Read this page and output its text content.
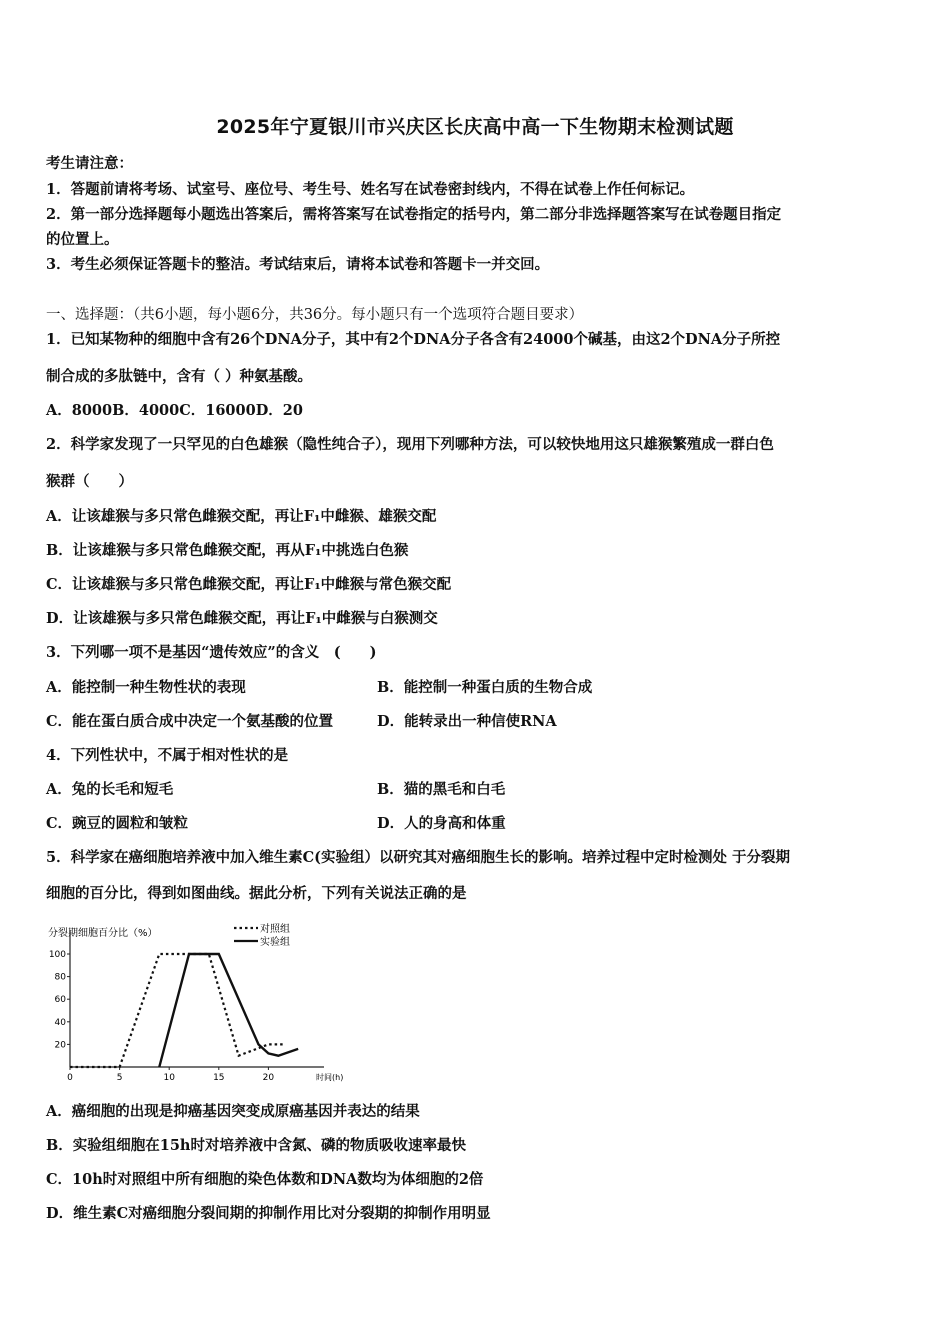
2025年宁夏银川市兴庆区长庆高中高一下生物期末检测试题
考生请注意：
1．答题前请将考场、试室号、座位号、考生号、姓名写在试卷密封线内，不得在试卷上作任何标记。
2．第一部分选择题每小题选出答案后，需将答案写在试卷指定的括号内，第二部分非选择题答案写在试卷题目指定
的位置上。
3．考生必须保证答题卡的整洁。考试结束后，请将本试卷和答题卡一并交回。
一、选择题：（共6小题，每小题6分，共36分。每小题只有一个选项符合题目要求）
1．已知某物种的细胞中含有26个DNA分子，其中有2个DNA分子各含有24000个碱基，由这2个DNA分子所控
制合成的多肽链中，含有（ ）种氨基酸。
A．8000B．4000C．16000D．20
2．科学家发现了一只罕见的白色雄猴（隐性纯合子），现用下列哪种方法，可以较快地用这只雄猴繁殖成一群白色
猴群（　　）
A．让该雄猴与多只常色雌猴交配，再让F₁中雌猴、雄猴交配
B．让该雄猴与多只常色雌猴交配，再从F₁中挑选白色猴
C．让该雄猴与多只常色雌猴交配，再让F₁中雌猴与常色猴交配
D．让该雄猴与多只常色雌猴交配，再让F₁中雌猴与白猴测交
3．下列哪一项不是基因“遗传效应”的含义　(　　)
A．能控制一种生物性状的表现	B．能控制一种蛋白质的生物合成
C．能在蛋白质合成中决定一个氨基酸的位置	D．能转录出一种信使RNA
4．下列性状中，不属于相对性状的是
A．兔的长毛和短毛	B．猫的黑毛和白毛
C．豌豆的圆粒和皱粒	D．人的身高和体重
5．科学家在癌细胞培养液中加入维生素C(实验组）以研究其对癌细胞生长的影响。培养过程中定时检测处 于分裂期
细胞的百分比，得到如图曲线。据此分析，下列有关说法正确的是
分裂期细胞百分比（%）
20
40
60
80
100
0	5	10	15	20	时间(h)
对照组
实验组
A．癌细胞的出现是抑癌基因突变成原癌基因并表达的结果
B．实验组细胞在15h时对培养液中含氮、磷的物质吸收速率最快
C．10h时对照组中所有细胞的染色体数和DNA数均为体细胞的2倍
D．维生素C对癌细胞分裂间期的抑制作用比对分裂期的抑制作用明显
